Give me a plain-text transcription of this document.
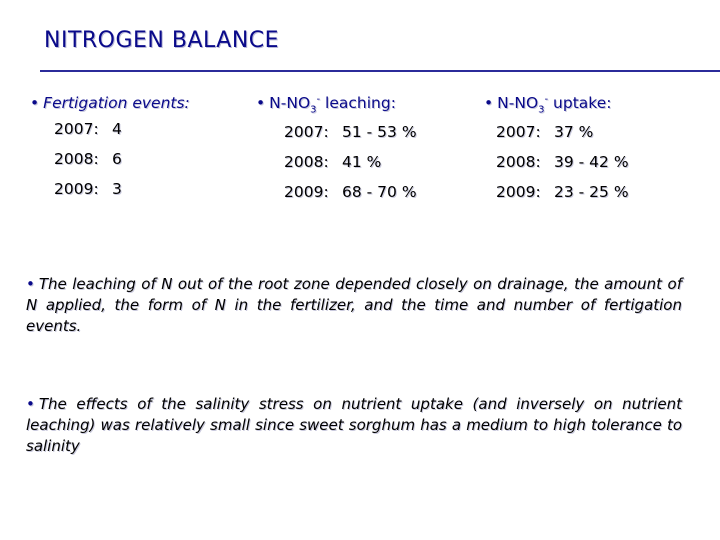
NITROGEN BALANCE
• Fertigation events:
2007: 4
2008: 6
2009: 3
• $N-NO_3^-$ leaching:
2007: 51 - 53 %
2008: 41 %
2009: 68 - 70 %
• $N-NO_3^-$ uptake:
2007: 37 %
2008: 39 - 42 %
2009: 23 - 25 %
• The leaching of N out of the root zone depended closely on drainage, the amount of N applied, the form of N in the fertilizer, and the time and number of fertigation events.
• The effects of the salinity stress on nutrient uptake (and inversely on nutrient leaching) was relatively small since sweet sorghum has a medium to high tolerance to salinity
